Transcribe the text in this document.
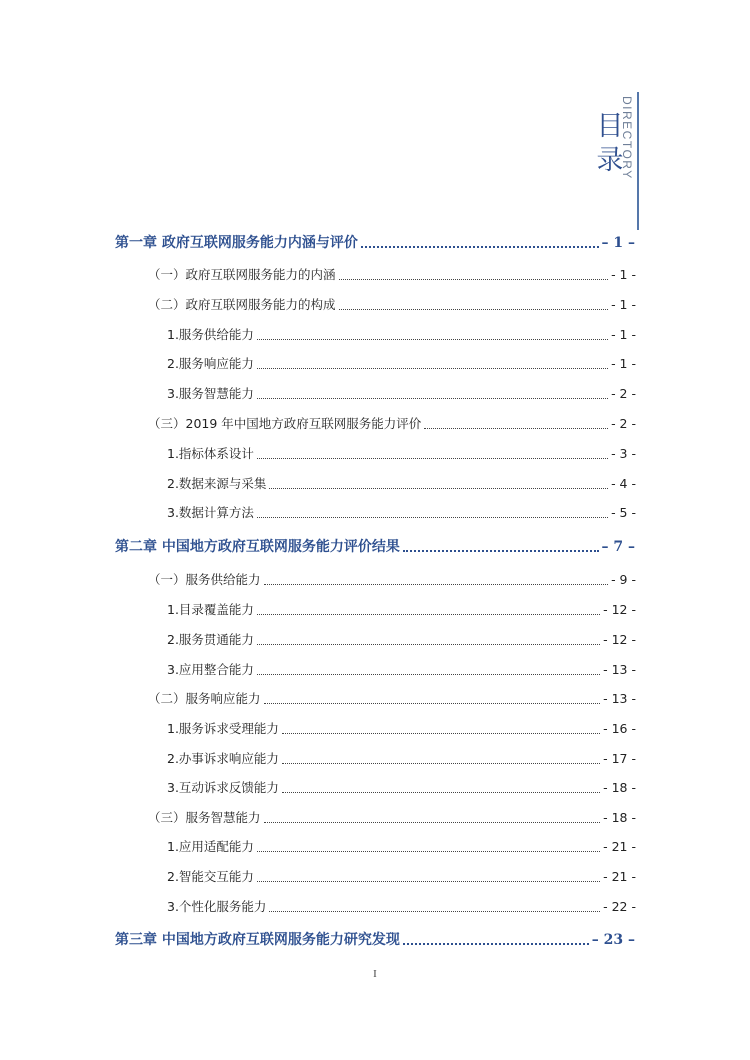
目
录
DIRECTORY
第一章 政府互联网服务能力内涵与评价	– 1 –
（一）政府互联网服务能力的内涵	- 1 -
（二）政府互联网服务能力的构成	- 1 -
1.服务供给能力	- 1 -
2.服务响应能力	- 1 -
3.服务智慧能力	- 2 -
（三）2019 年中国地方政府互联网服务能力评价	- 2 -
1.指标体系设计	- 3 -
2.数据来源与采集	- 4 -
3.数据计算方法	- 5 -
第二章 中国地方政府互联网服务能力评价结果	– 7 –
（一）服务供给能力	- 9 -
1.目录覆盖能力	- 12 -
2.服务贯通能力	- 12 -
3.应用整合能力	- 13 -
（二）服务响应能力	- 13 -
1.服务诉求受理能力	- 16 -
2.办事诉求响应能力	- 17 -
3.互动诉求反馈能力	- 18 -
（三）服务智慧能力	- 18 -
1.应用适配能力	- 21 -
2.智能交互能力	- 21 -
3.个性化服务能力	- 22 -
第三章 中国地方政府互联网服务能力研究发现	– 23 –
I
